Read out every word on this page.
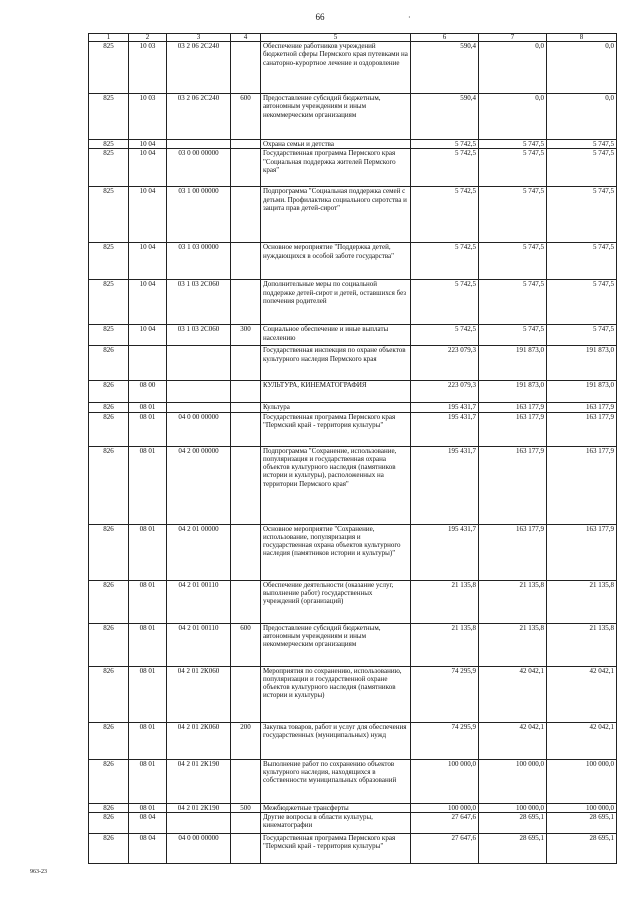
66	·
1	2	3	4	5	6	7	8
825	10 03	03 2 06 2С240		Обеспечение работников учреждений бюджетной сферы Пермского края путевками на санаторно-курортное лечение и оздоровление	590,4	0,0	0,0
825	10 03	03 2 06 2С240	600	Предоставление субсидий бюджетным, автономным учреждениям и иным некоммерческим организациям	590,4	0,0	0,0
825	10 04			Охрана семьи и детства	5 742,5	5 747,5	5 747,5
825	10 04	03 0 00 00000		Государственная программа Пермского края "Социальная поддержка жителей Пермского края"	5 742,5	5 747,5	5 747,5
825	10 04	03 1 00 00000		Подпрограмма "Социальная поддержка семей с детьми. Профилактика социального сиротства и защита прав детей-сирот"	5 742,5	5 747,5	5 747,5
825	10 04	03 1 03 00000		Основное мероприятие "Поддержка детей, нуждающихся в особой заботе государства"	5 742,5	5 747,5	5 747,5
825	10 04	03 1 03 2С060		Дополнительные меры по социальной поддержке детей-сирот и детей, оставшихся без попечения родителей	5 742,5	5 747,5	5 747,5
825	10 04	03 1 03 2С060	300	Социальное обеспечение и иные выплаты населению	5 742,5	5 747,5	5 747,5
826				Государственная инспекция по охране объектов культурного наследия Пермского края	223 079,3	191 873,0	191 873,0
826	08 00			КУЛЬТУРА, КИНЕМАТОГРАФИЯ	223 079,3	191 873,0	191 873,0
826	08 01			Культура	195 431,7	163 177,9	163 177,9
826	08 01	04 0 00 00000		Государственная программа Пермского края "Пермский край - территория культуры"	195 431,7	163 177,9	163 177,9
826	08 01	04 2 00 00000		Подпрограмма "Сохранение, использование, популяризация и государственная охрана объектов культурного наследия (памятников истории и культуры), расположенных на территории Пермского края"	195 431,7	163 177,9	163 177,9
826	08 01	04 2 01 00000		Основное мероприятие "Сохранение, использование, популяризация и государственная охрана объектов культурного наследия (памятников истории и культуры)"	195 431,7	163 177,9	163 177,9
826	08 01	04 2 01 00110		Обеспечение деятельности (оказание услуг, выполнение работ) государственных учреждений (организаций)	21 135,8	21 135,8	21 135,8
826	08 01	04 2 01 00110	600	Предоставление субсидий бюджетным, автономным учреждениям и иным некоммерческим организациям	21 135,8	21 135,8	21 135,8
826	08 01	04 2 01 2К060		Мероприятия по сохранению, использованию, популяризации и государственной охране объектов культурного наследия (памятников истории и культуры)	74 295,9	42 042,1	42 042,1
826	08 01	04 2 01 2К060	200	Закупка товаров, работ и услуг для обеспечения государственных (муниципальных) нужд	74 295,9	42 042,1	42 042,1
826	08 01	04 2 01 2К190		Выполнение работ по сохранению объектов культурного наследия, находящихся в собственности муниципальных образований	100 000,0	100 000,0	100 000,0
826	08 01	04 2 01 2К190	500	Межбюджетные трансферты	100 000,0	100 000,0	100 000,0
826	08 04			Другие вопросы в области культуры, кинематографии	27 647,6	28 695,1	28 695,1
826	08 04	04 0 00 00000		Государственная программа Пермского края "Пермский край - территория культуры"	27 647,6	28 695,1	28 695,1
963-23
